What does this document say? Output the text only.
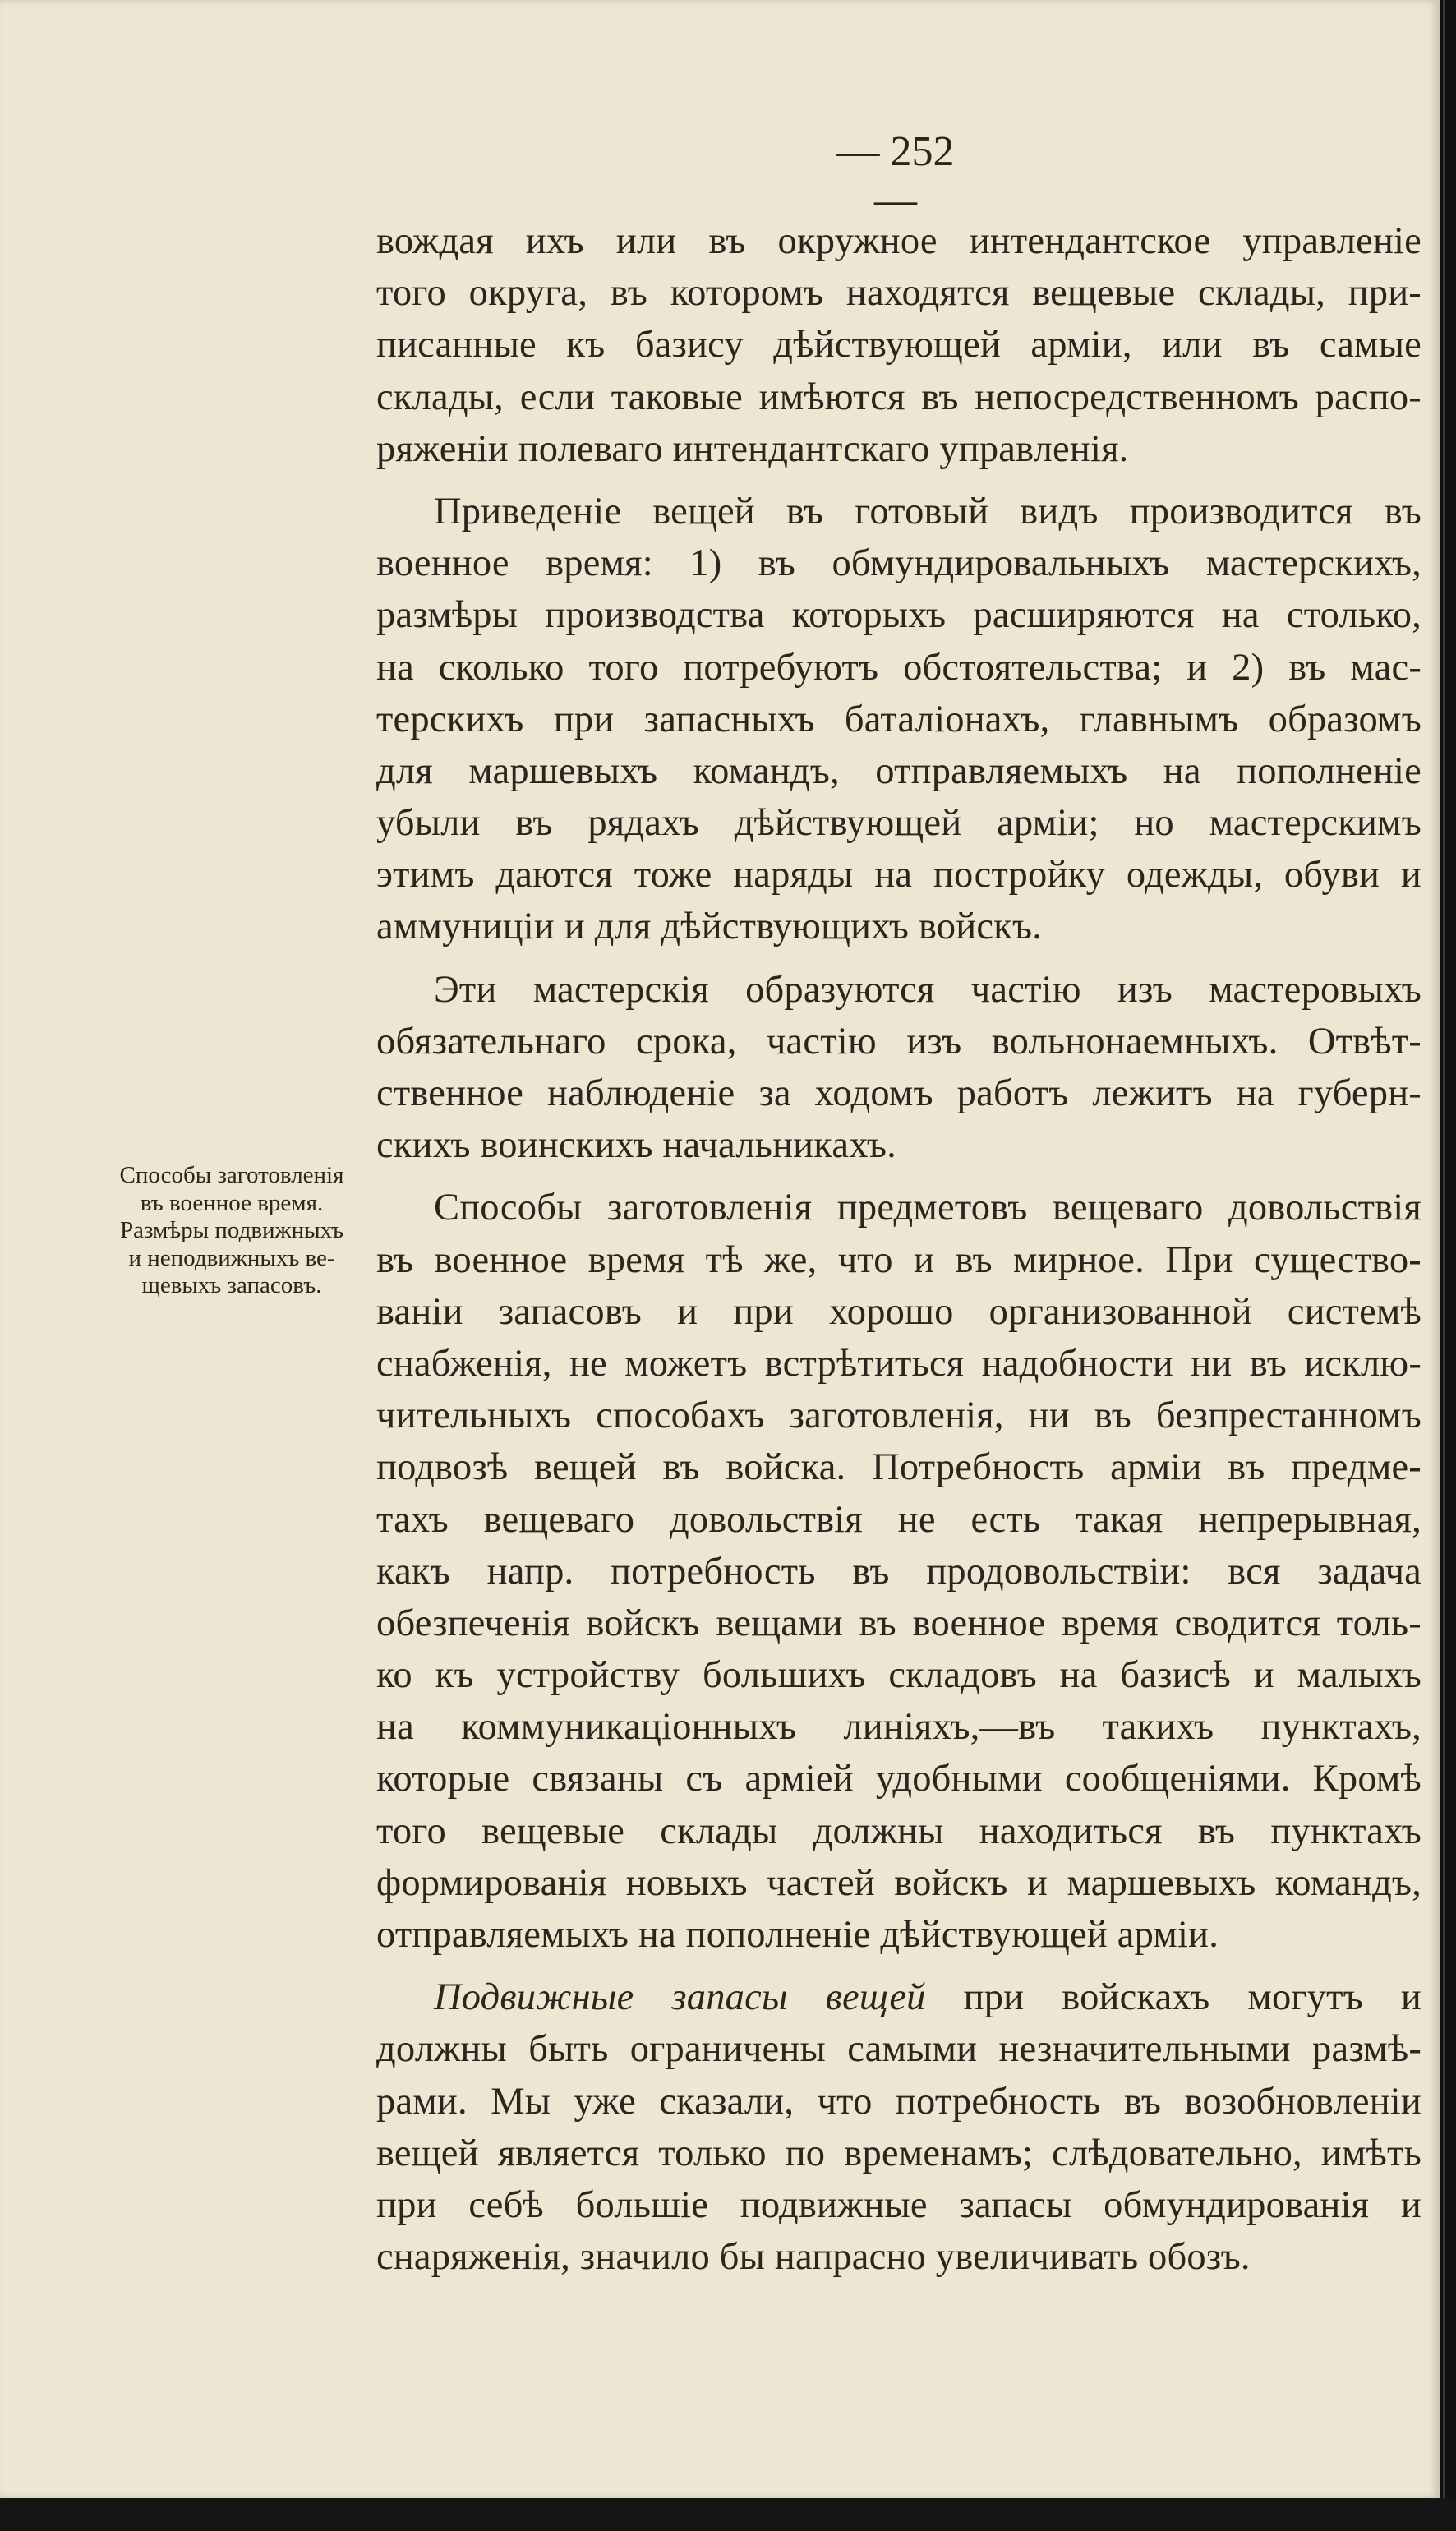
— 252 —
Способы заготовленія
въ военное время.
Размѣры подвижныхъ
и неподвижныхъ ве-
щевыхъ запасовъ.

вождая ихъ или въ окружное интендантское управленіе
того округа, въ которомъ находятся вещевые склады, при-
писанные къ базису дѣйствующей арміи, или въ самые
склады, если таковые имѣются въ непосредственномъ распо-
ряженіи полеваго интендантскаго управленія.

Приведеніе вещей въ готовый видъ производится въ
военное время: 1) въ обмундировальныхъ мастерскихъ,
размѣры производства которыхъ расширяются на столько,
на сколько того потребуютъ обстоятельства; и 2) въ мас-
терскихъ при запасныхъ баталіонахъ, главнымъ образомъ
для маршевыхъ командъ, отправляемыхъ на пополненіе
убыли въ рядахъ дѣйствующей арміи; но мастерскимъ
этимъ даются тоже наряды на постройку одежды, обуви и
аммуниціи и для дѣйствующихъ войскъ.

Эти мастерскія образуются частію изъ мастеровыхъ
обязательнаго срока, частію изъ вольнонаемныхъ. Отвѣт-
ственное наблюденіе за ходомъ работъ лежитъ на губерн-
скихъ воинскихъ начальникахъ.

Способы заготовленія предметовъ вещеваго довольствія
въ военное время тѣ же, что и въ мирное. При существо-
ваніи запасовъ и при хорошо организованной системѣ
снабженія, не можетъ встрѣтиться надобности ни въ исклю-
чительныхъ способахъ заготовленія, ни въ безпрестанномъ
подвозѣ вещей въ войска. Потребность арміи въ предме-
тахъ вещеваго довольствія не есть такая непрерывная,
какъ напр. потребность въ продовольствіи: вся задача
обезпеченія войскъ вещами въ военное время сводится толь-
ко къ устройству большихъ складовъ на базисѣ и малыхъ
на коммуникаціонныхъ линіяхъ,—въ такихъ пунктахъ,
которые связаны съ арміей удобными сообщеніями. Кромѣ
того вещевые склады должны находиться въ пунктахъ
формированія новыхъ частей войскъ и маршевыхъ командъ,
отправляемыхъ на пополненіе дѣйствующей арміи.

Подвижные запасы вещей при войскахъ могутъ и
должны быть ограничены самыми незначительными размѣ-
рами. Мы уже сказали, что потребность въ возобновленіи
вещей является только по временамъ; слѣдовательно, имѣть
при себѣ большіе подвижные запасы обмундированія и
снаряженія, значило бы напрасно увеличивать обозъ.
